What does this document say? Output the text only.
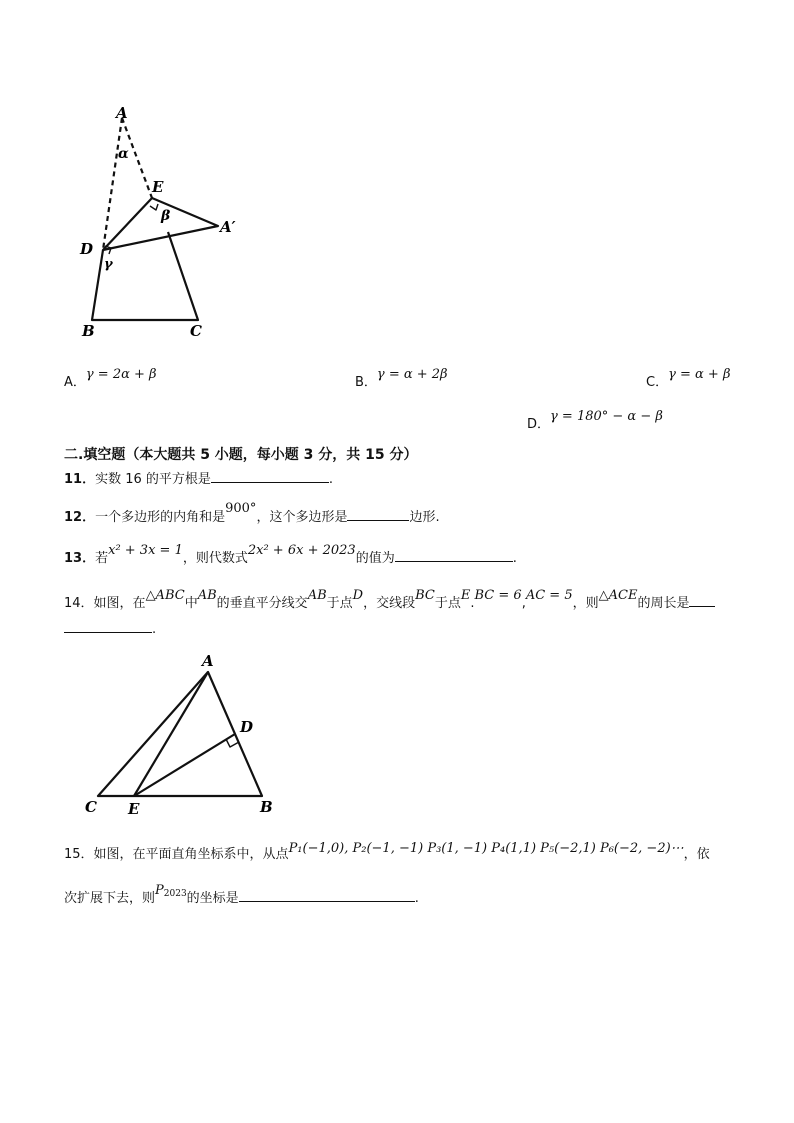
A
α
E
β
A′
D
γ
B	C
A．γ = 2α + β
B．γ = α + 2β
C．γ = α + β
D．γ = 180° − α − β
二.填空题（本大题共 5 小题，每小题 3 分，共 15 分）
11．实数 16 的平方根是	.
12．一个多边形的内角和是900°，这个多边形是	边形.
13．若x² + 3x = 1，则代数式2x² + 6x + 2023的值为	.
14．如图，在△ABC中AB的垂直平分线交AB于点D，交线段BC于点E.BC = 6,AC = 5，则△ACE的周长是
.
A
D
C E	B
15．如图，在平面直角坐标系中，从点P₁(−1,0), P₂(−1, −1) P₃(1, −1) P₄(1,1) P₅(−2,1) P₆(−2, −2)⋯，依
次扩展下去，则$P_{2023}$的坐标是	.
